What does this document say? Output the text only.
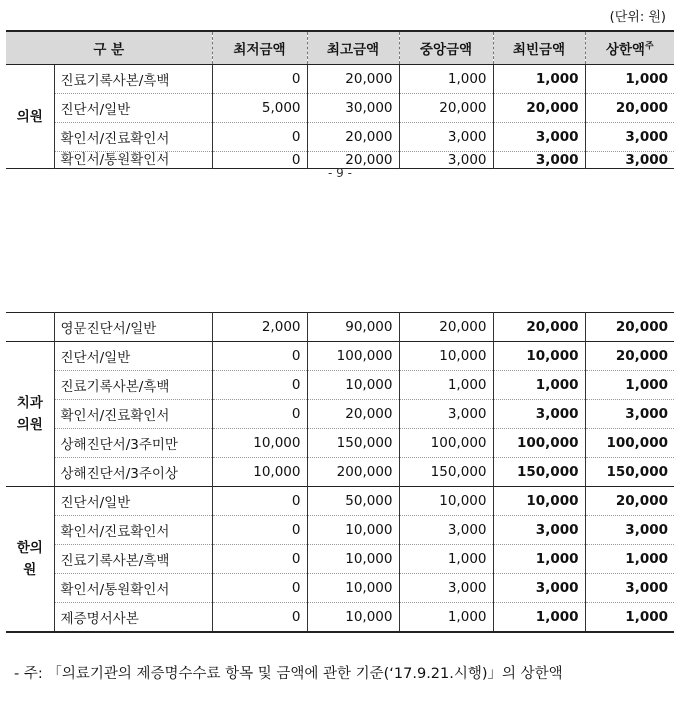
(단위: 원)
구 분		최저금액	최고금액	중앙금액	최빈금액	상한액$^주$
의원	진료기록사본/흑백	0	20,000	1,000	1,000	1,000
	진단서/일반	5,000	30,000	20,000	20,000	20,000
	확인서/진료확인서	0	20,000	3,000	3,000	3,000
	확인서/통원확인서	0	20,000	3,000	3,000	3,000
- 9 -
	영문진단서/일반	2,000	90,000	20,000	20,000	20,000
치과의원	진단서/일반	0	100,000	10,000	10,000	20,000
	진료기록사본/흑백	0	10,000	1,000	1,000	1,000
	확인서/진료확인서	0	20,000	3,000	3,000	3,000
	상해진단서/3주미만	10,000	150,000	100,000	100,000	100,000
	상해진단서/3주이상	10,000	200,000	150,000	150,000	150,000
한의원	진단서/일반	0	50,000	10,000	10,000	20,000
	확인서/진료확인서	0	10,000	3,000	3,000	3,000
	진료기록사본/흑백	0	10,000	1,000	1,000	1,000
	확인서/통원확인서	0	10,000	3,000	3,000	3,000
	제증명서사본	0	10,000	1,000	1,000	1,000
- 주: 「의료기관의 제증명수수료 항목 및 금액에 관한 기준(‘17.9.21.시행)」의 상한액
